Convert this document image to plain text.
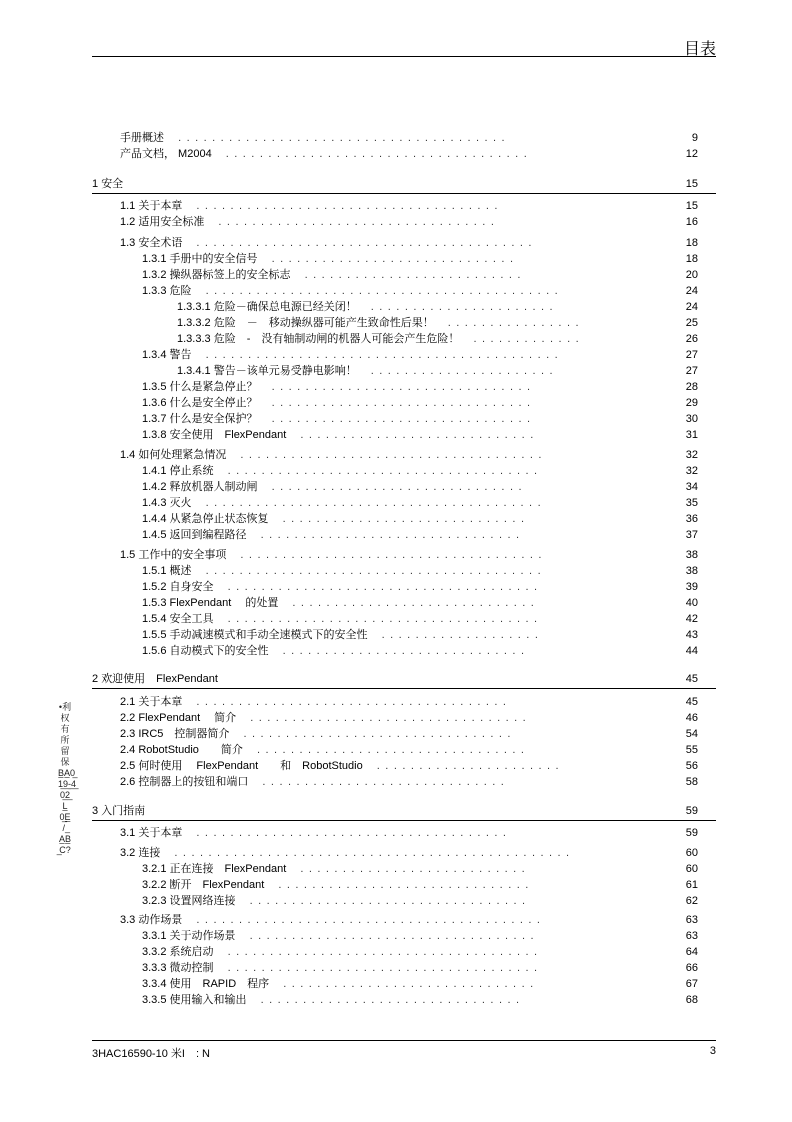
目表
手册概述　 . . . . . . . . . . . . . . . . . . . . . . . . . . . . . . . . . . . . . . .	9
产品文档， M2004　 . . . . . . . . . . . . . . . . . . . . . . . . . . . . . . . . . . . .	12
1 安全	15
1.1 关于本章　 . . . . . . . . . . . . . . . . . . . . . . . . . . . . . . . . . . . .	15
1.2 适用安全标准　 . . . . . . . . . . . . . . . . . . . . . . . . . . . . . . . . .	16
1.3 安全术语　 . . . . . . . . . . . . . . . . . . . . . . . . . . . . . . . . . . . . . . . .	18
1.3.1 手册中的安全信号　 . . . . . . . . . . . . . . . . . . . . . . . . . . . . .	18
1.3.2 操纵器标签上的安全标志　 . . . . . . . . . . . . . . . . . . . . . . . . . .	20
1.3.3 危险　 . . . . . . . . . . . . . . . . . . . . . . . . . . . . . . . . . . . . . . . . . .	24
1.3.3.1 危险－确保总电源已经关闭！　 . . . . . . . . . . . . . . . . . . . . . .	24
1.3.3.2 危险　－　移动操纵器可能产生致命性后果！　 . . . . . . . . . . . . . . . .	25
1.3.3.3 危险　-　没有轴制动闸的机器人可能会产生危险！　 . . . . . . . . . . . . .	26
1.3.4 警告　 . . . . . . . . . . . . . . . . . . . . . . . . . . . . . . . . . . . . . . . . . .	27
1.3.4.1 警告－该单元易受静电影响！　 . . . . . . . . . . . . . . . . . . . . . .	27
1.3.5 什么是紧急停止？　 . . . . . . . . . . . . . . . . . . . . . . . . . . . . . . .	28
1.3.6 什么是安全停止？　 . . . . . . . . . . . . . . . . . . . . . . . . . . . . . . .	29
1.3.7 什么是安全保护？　 . . . . . . . . . . . . . . . . . . . . . . . . . . . . . . .	30
1.3.8 安全使用　FlexPendant　 . . . . . . . . . . . . . . . . . . . . . . . . . . . .	31
1.4 如何处理紧急情况　 . . . . . . . . . . . . . . . . . . . . . . . . . . . . . . . . . . . .	32
1.4.1 停止系统　 . . . . . . . . . . . . . . . . . . . . . . . . . . . . . . . . . . . . .	32
1.4.2 释放机器人制动闸　 . . . . . . . . . . . . . . . . . . . . . . . . . . . . . .	34
1.4.3 灭火　 . . . . . . . . . . . . . . . . . . . . . . . . . . . . . . . . . . . . . . . .	35
1.4.4 从紧急停止状态恢复　 . . . . . . . . . . . . . . . . . . . . . . . . . . . . .	36
1.4.5 返回到编程路径　 . . . . . . . . . . . . . . . . . . . . . . . . . . . . . . .	37
1.5 工作中的安全事项　 . . . . . . . . . . . . . . . . . . . . . . . . . . . . . . . . . . . .	38
1.5.1 概述　 . . . . . . . . . . . . . . . . . . . . . . . . . . . . . . . . . . . . . . . .	38
1.5.2 自身安全　 . . . . . . . . . . . . . . . . . . . . . . . . . . . . . . . . . . . . .	39
1.5.3 FlexPendant　 的处置　 . . . . . . . . . . . . . . . . . . . . . . . . . . . . .	40
1.5.4 安全工具　 . . . . . . . . . . . . . . . . . . . . . . . . . . . . . . . . . . . . .	42
1.5.5 手动减速模式和手动全速模式下的安全性　 . . . . . . . . . . . . . . . . . . .	43
1.5.6 自动模式下的安全性　 . . . . . . . . . . . . . . . . . . . . . . . . . . . . .	44
2 欢迎使用　FlexPendant	45
2.1 关于本章　 . . . . . . . . . . . . . . . . . . . . . . . . . . . . . . . . . . . . .	45
2.2 FlexPendant　 简介　 . . . . . . . . . . . . . . . . . . . . . . . . . . . . . . . . .	46
2.3 IRC5　控制器简介　 . . . . . . . . . . . . . . . . . . . . . . . . . . . . . . . .	54
2.4 RobotStudio　　简介　 . . . . . . . . . . . . . . . . . . . . . . . . . . . . . . . .	55
2.5 何时使用　 FlexPendant　　和　RobotStudio　 . . . . . . . . . . . . . . . . . . . . . .	56
2.6 控制器上的按钮和端口　 . . . . . . . . . . . . . . . . . . . . . . . . . . . . .	58
3 入门指南	59
3.1 关于本章　 . . . . . . . . . . . . . . . . . . . . . . . . . . . . . . . . . . . . .	59
3.2 连接　 . . . . . . . . . . . . . . . . . . . . . . . . . . . . . . . . . . . . . . . . . . . . . . .	60
3.2.1 正在连接　FlexPendant　 . . . . . . . . . . . . . . . . . . . . . . . . . . .	60
3.2.2 断开　FlexPendant　 . . . . . . . . . . . . . . . . . . . . . . . . . . . . . .	61
3.2.3 设置网络连接　 . . . . . . . . . . . . . . . . . . . . . . . . . . . . . . . . .	62
3.3 动作场景　 . . . . . . . . . . . . . . . . . . . . . . . . . . . . . . . . . . . . . . . . .	63
3.3.1 关于动作场景　 . . . . . . . . . . . . . . . . . . . . . . . . . . . . . . . . . .	63
3.3.2 系统启动　 . . . . . . . . . . . . . . . . . . . . . . . . . . . . . . . . . . . . .	64
3.3.3 微动控制　 . . . . . . . . . . . . . . . . . . . . . . . . . . . . . . . . . . . . .	66
3.3.4 使用　RAPID　程序　 . . . . . . . . . . . . . . . . . . . . . . . . . . . . . .	67
3.3.5 使用输入和输出　 . . . . . . . . . . . . . . . . . . . . . . . . . . . . . . .	68
•利权有所留保B̲A̲0̲1̲9̲-̲4̲0̲2̲ L̲ 0̲E̲ / ̲ A̲B̲ ̲C?
3HAC16590-10 米I　: N	3
